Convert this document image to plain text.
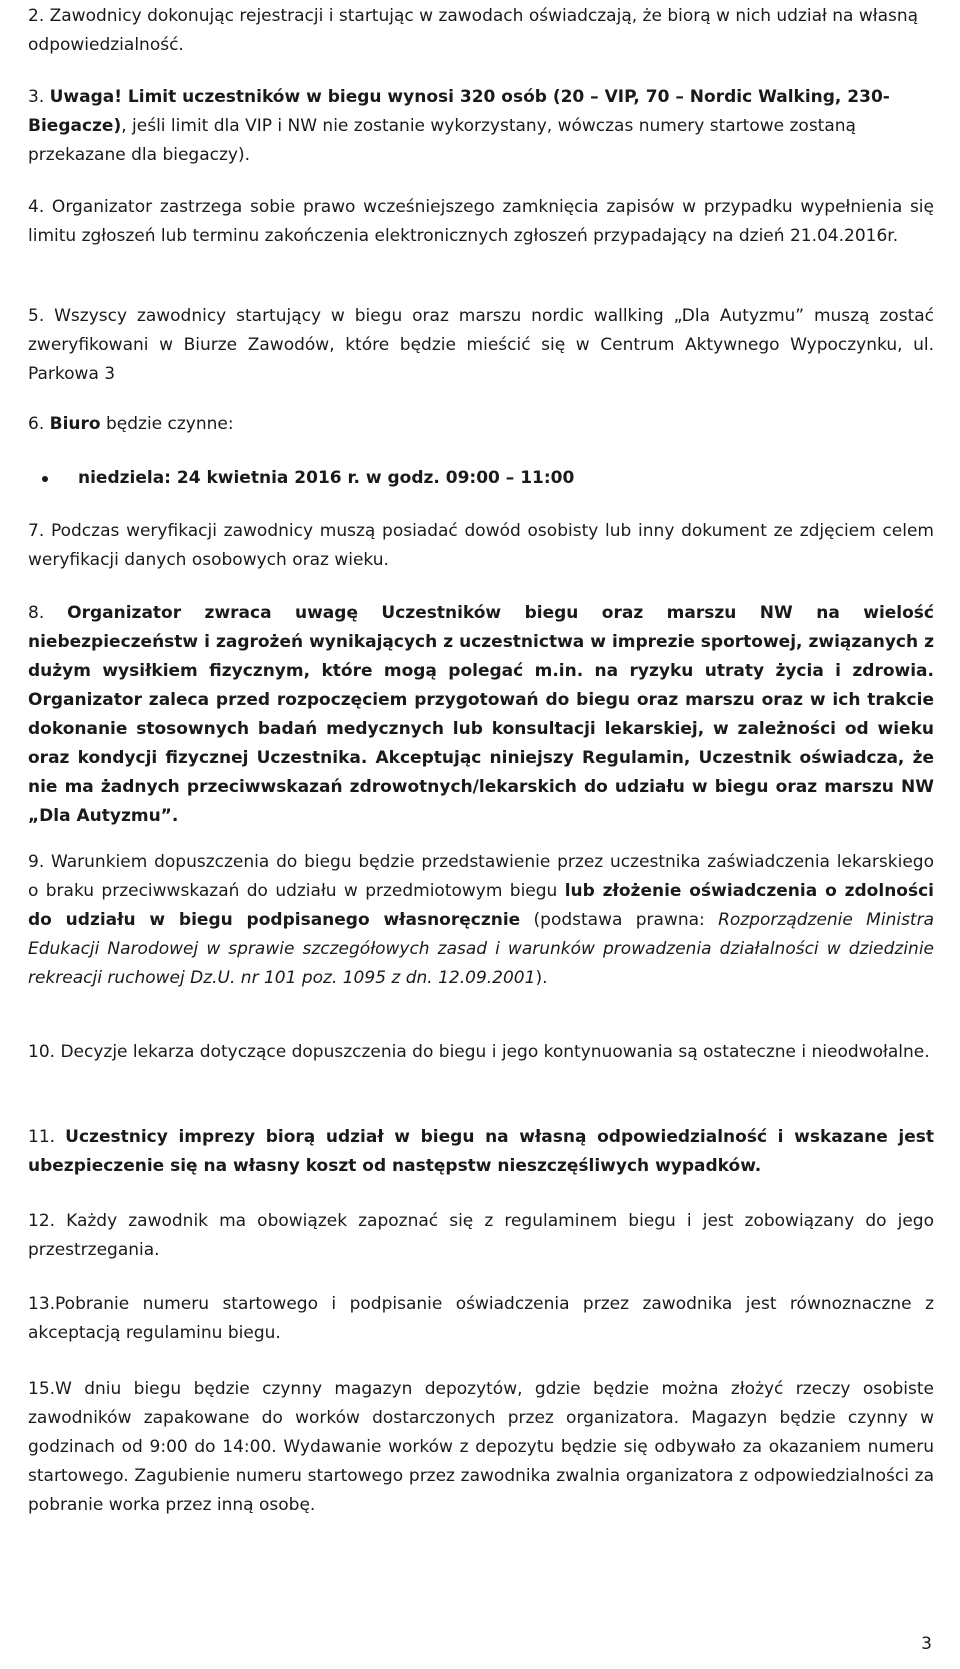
2. Zawodnicy dokonując rejestracji i startując w zawodach oświadczają, że biorą w nich udział na własną odpowiedzialność.

3. Uwaga! Limit uczestników w biegu wynosi 320 osób (20 – VIP, 70 – Nordic Walking, 230- Biegacze), jeśli limit dla VIP i NW nie zostanie wykorzystany, wówczas numery startowe zostaną przekazane dla biegaczy).

4. Organizator zastrzega sobie prawo wcześniejszego zamknięcia zapisów w przypadku wypełnienia się limitu zgłoszeń lub terminu zakończenia elektronicznych zgłoszeń przypadający na dzień 21.04.2016r.

5. Wszyscy zawodnicy startujący w biegu oraz marszu nordic wallking „Dla Autyzmu” muszą zostać zweryfikowani w Biurze Zawodów, które będzie mieścić się w Centrum Aktywnego Wypoczynku, ul. Parkowa 3

6. Biuro będzie czynne:

niedziela: 24 kwietnia 2016 r. w godz. 09:00 – 11:00

7. Podczas weryfikacji zawodnicy muszą posiadać dowód osobisty lub inny dokument ze zdjęciem celem weryfikacji danych osobowych oraz wieku.

8. Organizator zwraca uwagę Uczestników biegu oraz marszu NW na wielość niebezpieczeństw i zagrożeń wynikających z uczestnictwa w imprezie sportowej, związanych z dużym wysiłkiem fizycznym, które mogą polegać m.in. na ryzyku utraty życia i zdrowia. Organizator zaleca przed rozpoczęciem przygotowań do biegu oraz marszu oraz w ich trakcie dokonanie stosownych badań medycznych lub konsultacji lekarskiej, w zależności od wieku oraz kondycji fizycznej Uczestnika. Akceptując niniejszy Regulamin, Uczestnik oświadcza, że nie ma żadnych przeciwwskazań zdrowotnych/lekarskich do udziału w biegu oraz marszu NW „Dla Autyzmu”.

9. Warunkiem dopuszczenia do biegu będzie przedstawienie przez uczestnika zaświadczenia lekarskiego o braku przeciwwskazań do udziału w przedmiotowym biegu lub złożenie oświadczenia o zdolności do udziału w biegu podpisanego własnoręcznie (podstawa prawna: Rozporządzenie Ministra Edukacji Narodowej w sprawie szczegółowych zasad i warunków prowadzenia działalności w dziedzinie rekreacji ruchowej Dz.U. nr 101 poz. 1095 z dn. 12.09.2001).

10. Decyzje lekarza dotyczące dopuszczenia do biegu i jego kontynuowania są ostateczne i nieodwołalne.

11. Uczestnicy imprezy biorą udział w biegu na własną odpowiedzialność i wskazane jest ubezpieczenie się na własny koszt od następstw nieszczęśliwych wypadków.

12. Każdy zawodnik ma obowiązek zapoznać się z regulaminem biegu i jest zobowiązany do jego przestrzegania.

13.Pobranie numeru startowego i podpisanie oświadczenia przez zawodnika jest równoznaczne z akceptacją regulaminu biegu.

15.W dniu biegu będzie czynny magazyn depozytów, gdzie będzie można złożyć rzeczy osobiste zawodników zapakowane do worków dostarczonych przez organizatora. Magazyn będzie czynny w godzinach od 9:00 do 14:00. Wydawanie worków z depozytu będzie się odbywało za okazaniem numeru startowego. Zagubienie numeru startowego przez zawodnika zwalnia organizatora z odpowiedzialności za pobranie worka przez inną osobę.

3
